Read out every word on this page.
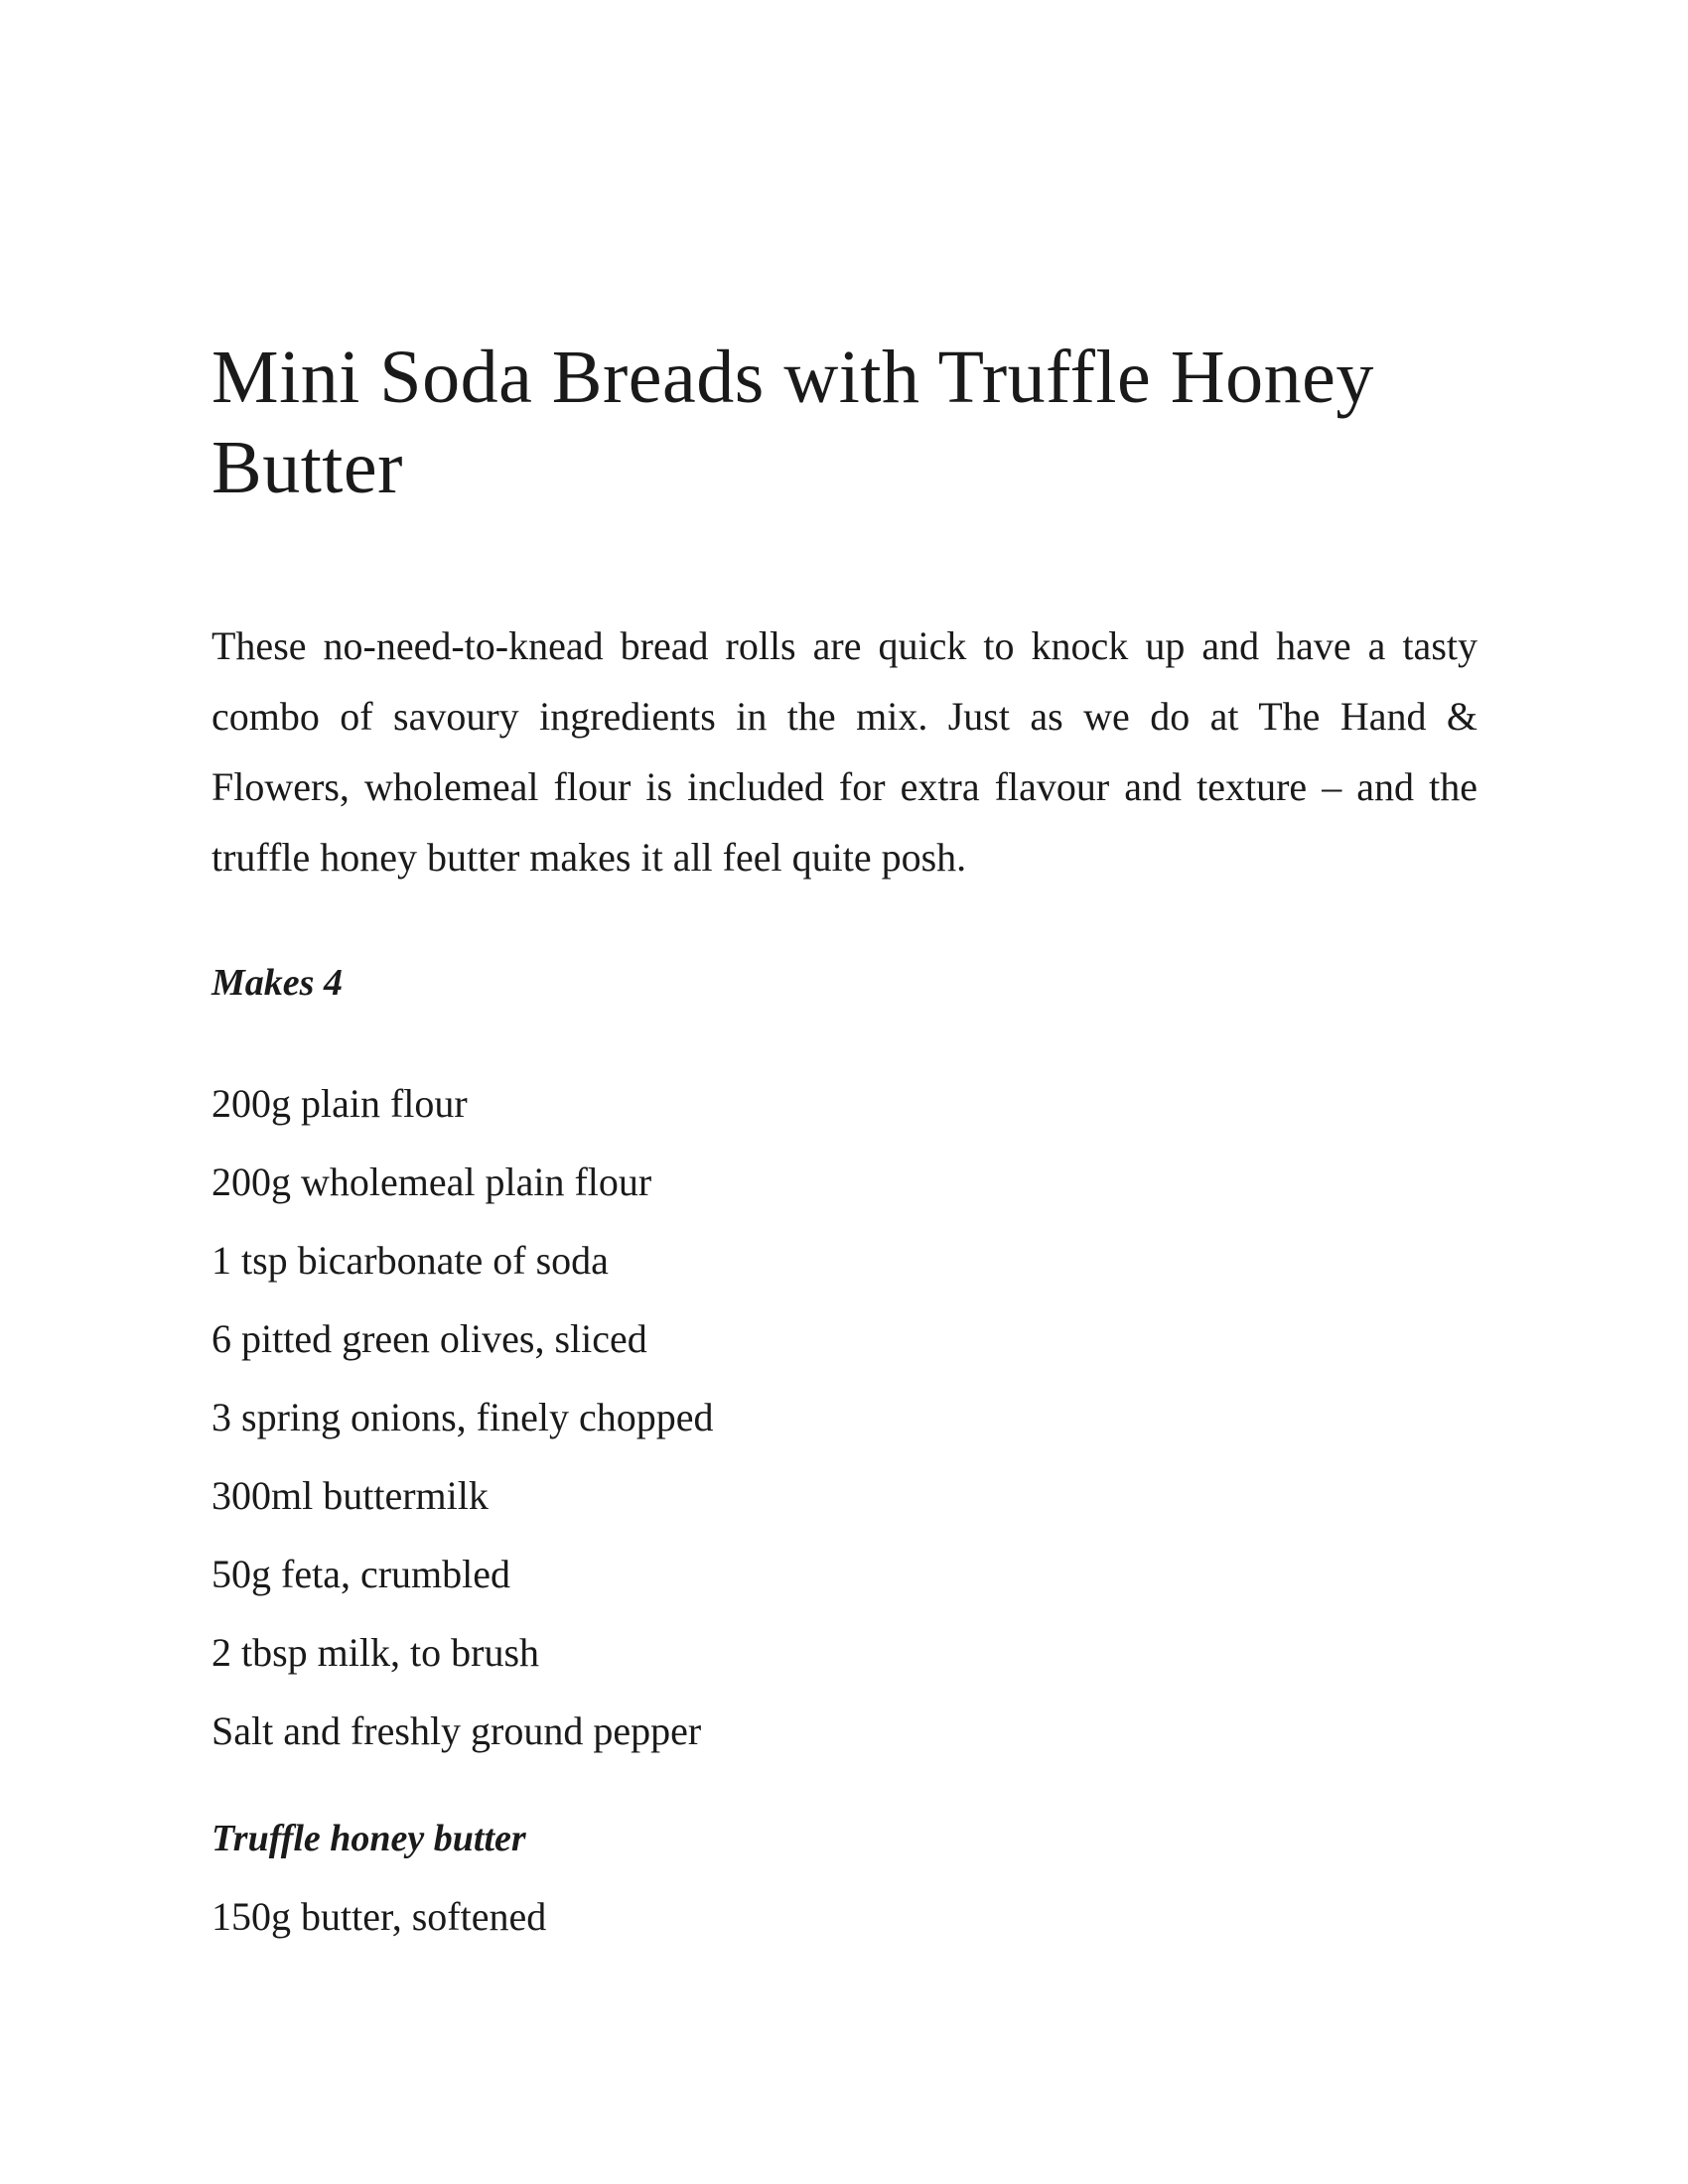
Mini Soda Breads with Truffle Honey Butter

These no-need-to-knead bread rolls are quick to knock up and have a tasty combo of savoury ingredients in the mix. Just as we do at The Hand & Flowers, wholemeal flour is included for extra flavour and texture – and the truffle honey butter makes it all feel quite posh.

Makes 4

200g plain flour
200g wholemeal plain flour
1 tsp bicarbonate of soda
6 pitted green olives, sliced
3 spring onions, finely chopped
300ml buttermilk
50g feta, crumbled
2 tbsp milk, to brush
Salt and freshly ground pepper

Truffle honey butter

150g butter, softened
